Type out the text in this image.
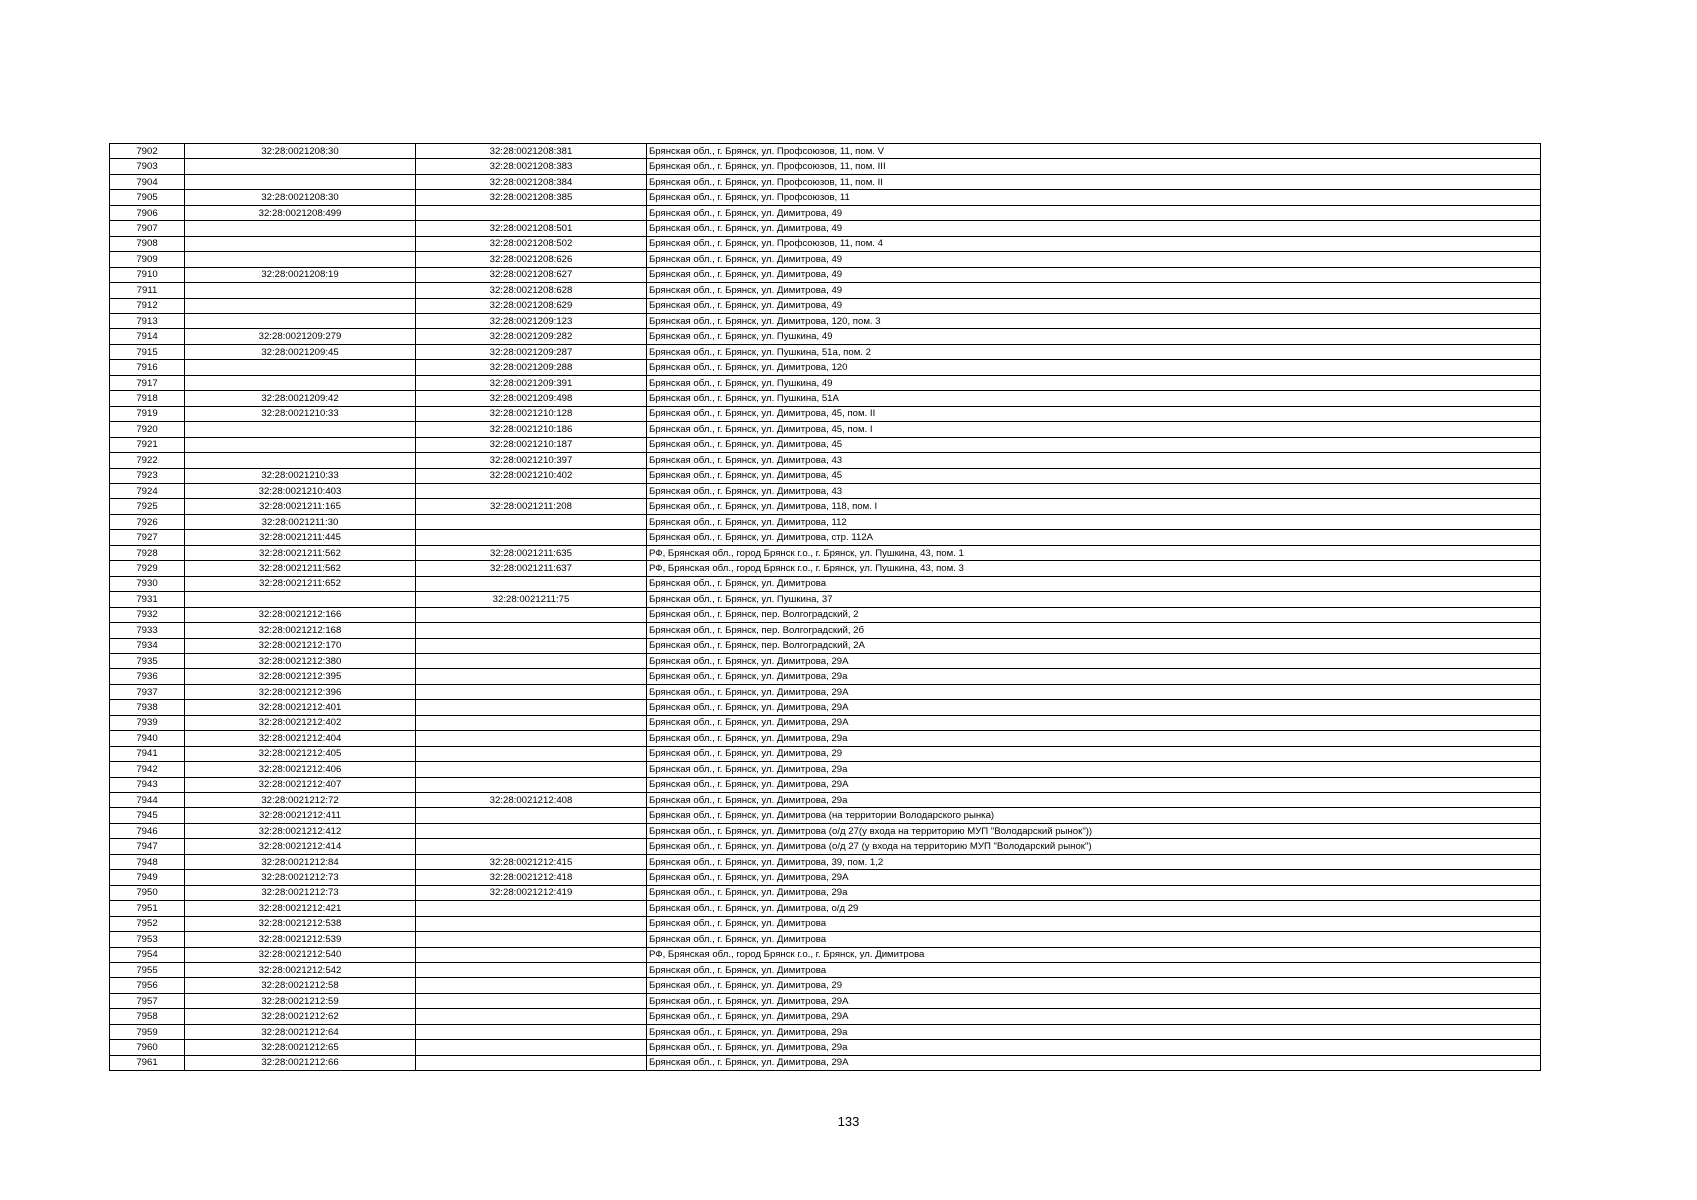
7902	32:28:0021208:30	32:28:0021208:381	Брянская обл., г. Брянск, ул. Профсоюзов, 11, пом. V
7903		32:28:0021208:383	Брянская обл., г. Брянск, ул. Профсоюзов, 11, пом. III
7904		32:28:0021208:384	Брянская обл., г. Брянск, ул. Профсоюзов, 11, пом. II
7905	32:28:0021208:30	32:28:0021208:385	Брянская обл., г. Брянск, ул. Профсоюзов, 11
7906	32:28:0021208:499		Брянская обл., г. Брянск, ул. Димитрова, 49
7907		32:28:0021208:501	Брянская обл., г. Брянск, ул. Димитрова, 49
7908		32:28:0021208:502	Брянская обл., г. Брянск, ул. Профсоюзов, 11, пом. 4
7909		32:28:0021208:626	Брянская обл., г. Брянск, ул. Димитрова, 49
7910	32:28:0021208:19	32:28:0021208:627	Брянская обл., г. Брянск, ул. Димитрова, 49
7911		32:28:0021208:628	Брянская обл., г. Брянск, ул. Димитрова, 49
7912		32:28:0021208:629	Брянская обл., г. Брянск, ул. Димитрова, 49
7913		32:28:0021209:123	Брянская обл., г. Брянск, ул. Димитрова, 120, пом. 3
7914	32:28:0021209:279	32:28:0021209:282	Брянская обл., г. Брянск, ул. Пушкина, 49
7915	32:28:0021209:45	32:28:0021209:287	Брянская обл., г. Брянск, ул. Пушкина, 51а, пом. 2
7916		32:28:0021209:288	Брянская обл., г. Брянск, ул. Димитрова, 120
7917		32:28:0021209:391	Брянская обл., г. Брянск, ул. Пушкина, 49
7918	32:28:0021209:42	32:28:0021209:498	Брянская обл., г. Брянск, ул. Пушкина, 51А
7919	32:28:0021210:33	32:28:0021210:128	Брянская обл., г. Брянск, ул. Димитрова, 45, пом. II
7920		32:28:0021210:186	Брянская обл., г. Брянск, ул. Димитрова, 45, пом. I
7921		32:28:0021210:187	Брянская обл., г. Брянск, ул. Димитрова, 45
7922		32:28:0021210:397	Брянская обл., г. Брянск, ул. Димитрова, 43
7923	32:28:0021210:33	32:28:0021210:402	Брянская обл., г. Брянск, ул. Димитрова, 45
7924	32:28:0021210:403		Брянская обл., г. Брянск, ул. Димитрова, 43
7925	32:28:0021211:165	32:28:0021211:208	Брянская обл., г. Брянск, ул. Димитрова, 118, пом. I
7926	32:28:0021211:30		Брянская обл., г. Брянск, ул. Димитрова, 112
7927	32:28:0021211:445		Брянская обл., г. Брянск, ул. Димитрова, стр. 112А
7928	32:28:0021211:562	32:28:0021211:635	РФ, Брянская обл., город Брянск г.о., г. Брянск, ул. Пушкина, 43, пом. 1
7929	32:28:0021211:562	32:28:0021211:637	РФ, Брянская обл., город Брянск г.о., г. Брянск, ул. Пушкина, 43, пом. 3
7930	32:28:0021211:652		Брянская обл., г. Брянск, ул. Димитрова
7931		32:28:0021211:75	Брянская обл., г. Брянск, ул. Пушкина, 37
7932	32:28:0021212:166		Брянская обл., г. Брянск, пер. Волгоградский, 2
7933	32:28:0021212:168		Брянская обл., г. Брянск, пер. Волгоградский, 2б
7934	32:28:0021212:170		Брянская обл., г. Брянск, пер. Волгоградский, 2А
7935	32:28:0021212:380		Брянская обл., г. Брянск, ул. Димитрова, 29А
7936	32:28:0021212:395		Брянская обл., г. Брянск, ул. Димитрова, 29а
7937	32:28:0021212:396		Брянская обл., г. Брянск, ул. Димитрова, 29А
7938	32:28:0021212:401		Брянская обл., г. Брянск, ул. Димитрова, 29А
7939	32:28:0021212:402		Брянская обл., г. Брянск, ул. Димитрова, 29А
7940	32:28:0021212:404		Брянская обл., г. Брянск, ул. Димитрова, 29а
7941	32:28:0021212:405		Брянская обл., г. Брянск, ул. Димитрова, 29
7942	32:28:0021212:406		Брянская обл., г. Брянск, ул. Димитрова, 29а
7943	32:28:0021212:407		Брянская обл., г. Брянск, ул. Димитрова, 29А
7944	32:28:0021212:72	32:28:0021212:408	Брянская обл., г. Брянск, ул. Димитрова, 29а
7945	32:28:0021212:411		Брянская обл., г. Брянск, ул. Димитрова (на территории Володарского рынка)
7946	32:28:0021212:412		Брянская обл., г. Брянск, ул. Димитрова (о/д 27(у входа на территорию МУП "Володарский рынок"))
7947	32:28:0021212:414		Брянская обл., г. Брянск, ул. Димитрова (о/д 27 (у входа на территорию МУП "Володарский рынок")
7948	32:28:0021212:84	32:28:0021212:415	Брянская обл., г. Брянск, ул. Димитрова, 39, пом. 1,2
7949	32:28:0021212:73	32:28:0021212:418	Брянская обл., г. Брянск, ул. Димитрова, 29А
7950	32:28:0021212:73	32:28:0021212:419	Брянская обл., г. Брянск, ул. Димитрова, 29а
7951	32:28:0021212:421		Брянская обл., г. Брянск, ул. Димитрова, о/д 29
7952	32:28:0021212:538		Брянская обл., г. Брянск, ул. Димитрова
7953	32:28:0021212:539		Брянская обл., г. Брянск, ул. Димитрова
7954	32:28:0021212:540		РФ, Брянская обл., город Брянск г.о., г. Брянск, ул. Димитрова
7955	32:28:0021212:542		Брянская обл., г. Брянск, ул. Димитрова
7956	32:28:0021212:58		Брянская обл., г. Брянск, ул. Димитрова, 29
7957	32:28:0021212:59		Брянская обл., г. Брянск, ул. Димитрова, 29А
7958	32:28:0021212:62		Брянская обл., г. Брянск, ул. Димитрова, 29А
7959	32:28:0021212:64		Брянская обл., г. Брянск, ул. Димитрова, 29а
7960	32:28:0021212:65		Брянская обл., г. Брянск, ул. Димитрова, 29а
7961	32:28:0021212:66		Брянская обл., г. Брянск, ул. Димитрова, 29А
133
